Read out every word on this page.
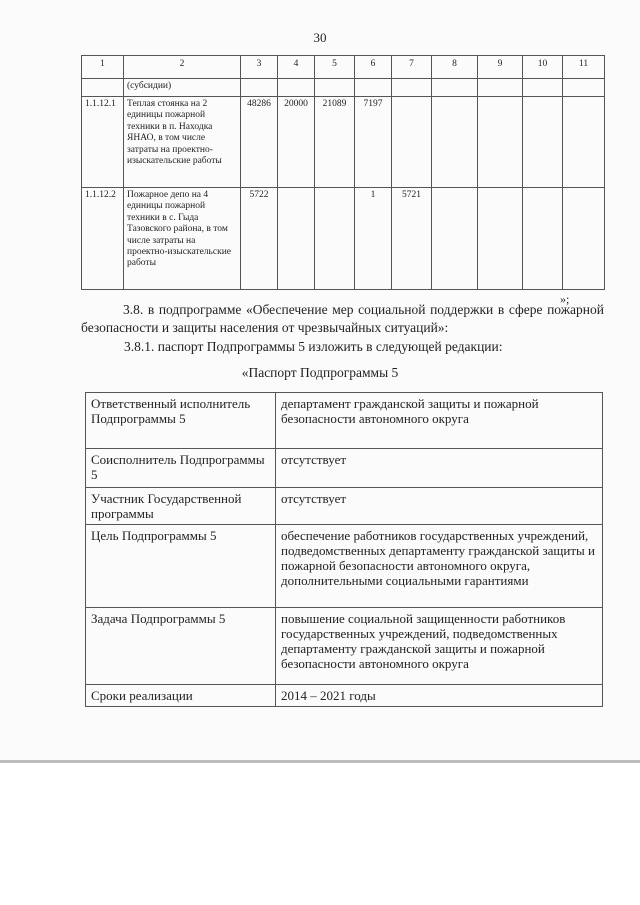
30
1	2	3	4	5	6	7	8	9	10	11
	(субсидии)									
1.1.12.1	Теплая стоянка на 2 единицы пожарной техники в п. Находка ЯНАО, в том числе затраты на проектно-изыскательские работы	48286	20000	21089	7197					
1.1.12.2	Пожарное депо на 4 единицы пожарной техники в с. Гыда Тазовского района, в том числе затраты на проектно-изыскательские работы	5722			1	5721				
»;
3.8. в подпрограмме «Обеспечение мер социальной поддержки в сфере пожарной безопасности и защиты населения от чрезвычайных ситуаций»:
3.8.1. паспорт Подпрограммы 5 изложить в следующей редакции:
«Паспорт Подпрограммы 5
Ответственный исполнитель Подпрограммы 5	департамент гражданской защиты и пожарной безопасности автономного округа
Соисполнитель Подпрограммы 5	отсутствует
Участник Государственной программы	отсутствует
Цель Подпрограммы 5	обеспечение работников государственных учреждений, подведомственных департаменту гражданской защиты и пожарной безопасности автономного округа, дополнительными социальными гарантиями
Задача Подпрограммы 5	повышение социальной защищенности работников государственных учреждений, подведомственных департаменту гражданской защиты и пожарной безопасности автономного округа
Сроки реализации	2014 – 2021 годы
